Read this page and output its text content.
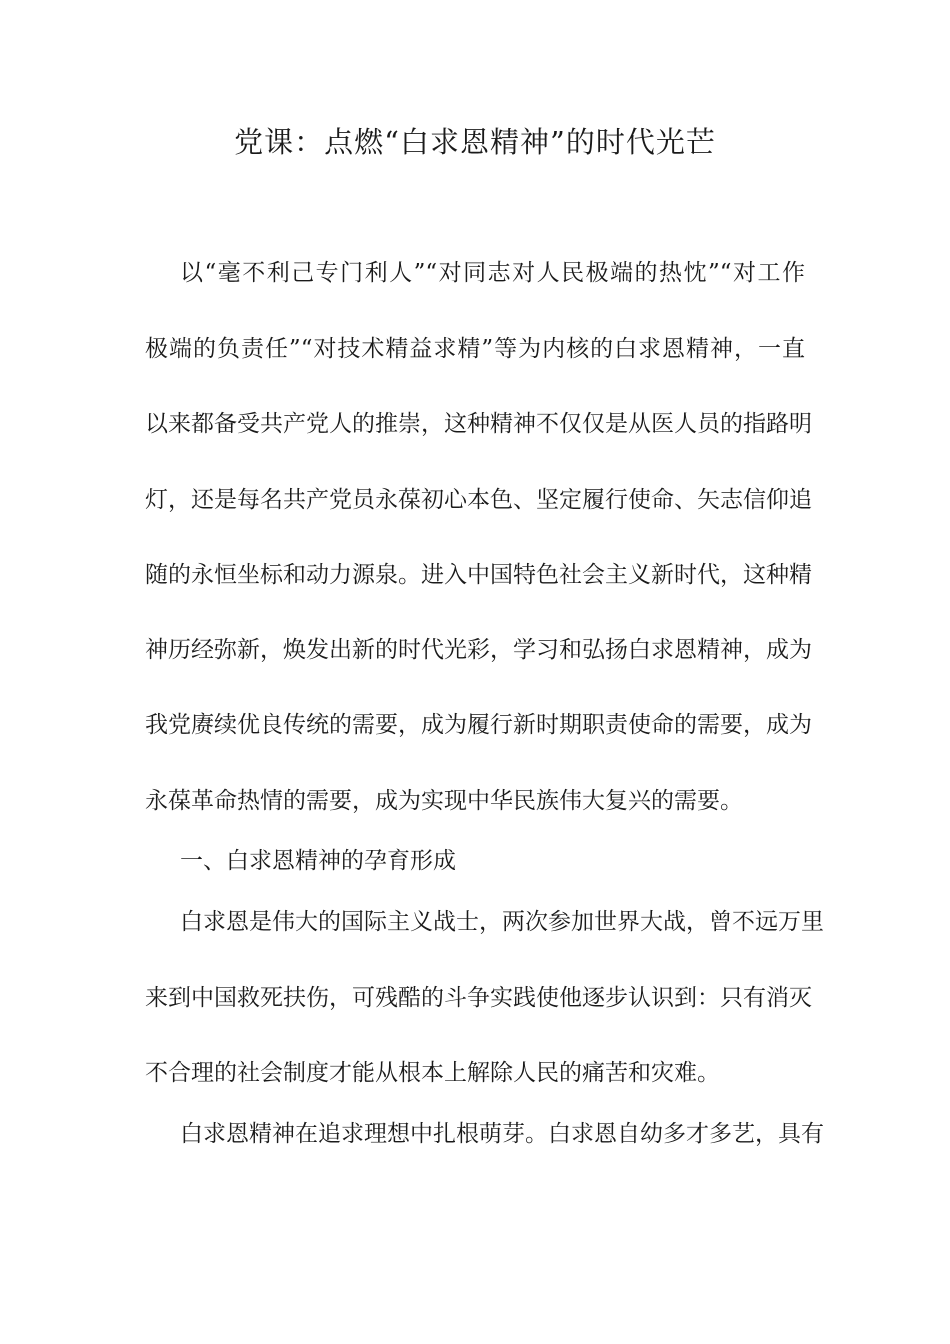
党课：点燃“白求恩精神”的时代光芒
以“毫不利己专门利人”“对同志对人民极端的热忱”“对工作
极端的负责任”“对技术精益求精”等为内核的白求恩精神，一直
以来都备受共产党人的推崇，这种精神不仅仅是从医人员的指路明
灯，还是每名共产党员永葆初心本色、坚定履行使命、矢志信仰追
随的永恒坐标和动力源泉。进入中国特色社会主义新时代，这种精
神历经弥新，焕发出新的时代光彩，学习和弘扬白求恩精神，成为
我党赓续优良传统的需要，成为履行新时期职责使命的需要，成为
永葆革命热情的需要，成为实现中华民族伟大复兴的需要。
一、白求恩精神的孕育形成
白求恩是伟大的国际主义战士，两次参加世界大战，曾不远万里
来到中国救死扶伤，可残酷的斗争实践使他逐步认识到：只有消灭
不合理的社会制度才能从根本上解除人民的痛苦和灾难。
白求恩精神在追求理想中扎根萌芽。白求恩自幼多才多艺，具有
